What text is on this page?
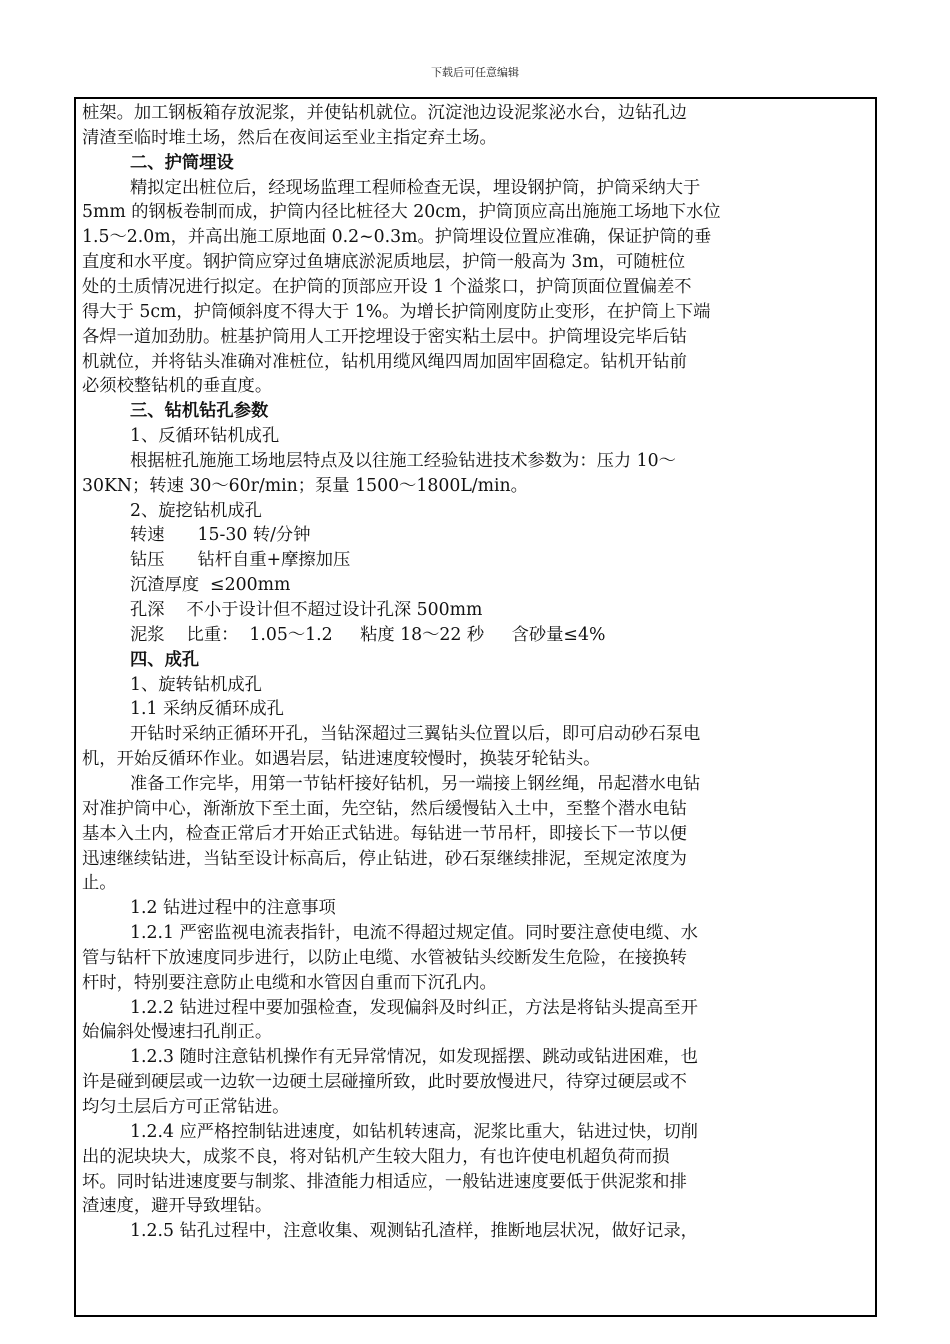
下载后可任意编辑
桩架。加工钢板箱存放泥浆，并使钻机就位。沉淀池边设泥浆泌水台，边钻孔边
清渣至临时堆土场，然后在夜间运至业主指定弃土场。
二、护筒埋设
精拟定出桩位后，经现场监理工程师检查无误，埋设钢护筒，护筒采纳大于
5mm 的钢板卷制而成，护筒内径比桩径大 20cm，护筒顶应高出施施工场地下水位
1.5～2.0m，并高出施工原地面 0.2~0.3m。护筒埋设位置应准确，保证护筒的垂
直度和水平度。钢护筒应穿过鱼塘底淤泥质地层，护筒一般高为 3m，可随桩位
处的土质情况进行拟定。在护筒的顶部应开设 1 个溢浆口，护筒顶面位置偏差不
得大于 5cm，护筒倾斜度不得大于 1%。为增长护筒刚度防止变形，在护筒上下端
各焊一道加劲肋。桩基护筒用人工开挖埋设于密实粘土层中。护筒埋设完毕后钻
机就位，并将钻头准确对准桩位，钻机用缆风绳四周加固牢固稳定。钻机开钻前
必须校整钻机的垂直度。
三、钻机钻孔参数
1、反循环钻机成孔
根据桩孔施施工场地层特点及以往施工经验钻进技术参数为：压力 10～
30KN；转速 30～60r/min；泵量 1500～1800L/min。
2、旋挖钻机成孔
转速      15-30 转/分钟
钻压      钻杆自重+摩擦加压
沉渣厚度  ≤200mm
孔深    不小于设计但不超过设计孔深 500mm
泥浆    比重：  1.05～1.2     粘度 18～22 秒     含砂量≤4%
四、成孔
1、旋转钻机成孔
1.1 采纳反循环成孔
开钻时采纳正循环开孔，当钻深超过三翼钻头位置以后，即可启动砂石泵电
机，开始反循环作业。如遇岩层，钻进速度较慢时，换装牙轮钻头。
准备工作完毕，用第一节钻杆接好钻机，另一端接上钢丝绳，吊起潜水电钻
对准护筒中心，渐渐放下至土面，先空钻，然后缓慢钻入土中，至整个潜水电钻
基本入土内，检查正常后才开始正式钻进。每钻进一节吊杆，即接长下一节以便
迅速继续钻进，当钻至设计标高后，停止钻进，砂石泵继续排泥，至规定浓度为
止。
1.2 钻进过程中的注意事项
1.2.1 严密监视电流表指针，电流不得超过规定值。同时要注意使电缆、水
管与钻杆下放速度同步进行，以防止电缆、水管被钻头绞断发生危险，在接换转
杆时，特别要注意防止电缆和水管因自重而下沉孔内。
1.2.2 钻进过程中要加强检查，发现偏斜及时纠正，方法是将钻头提高至开
始偏斜处慢速扫孔削正。
1.2.3 随时注意钻机操作有无异常情况，如发现摇摆、跳动或钻进困难，也
许是碰到硬层或一边软一边硬土层碰撞所致，此时要放慢进尺，待穿过硬层或不
均匀土层后方可正常钻进。
1.2.4 应严格控制钻进速度，如钻机转速高，泥浆比重大，钻进过快，切削
出的泥块块大，成浆不良，将对钻机产生较大阻力，有也许使电机超负荷而损
坏。同时钻进速度要与制浆、排渣能力相适应，一般钻进速度要低于供泥浆和排
渣速度，避开导致埋钻。
1.2.5 钻孔过程中，注意收集、观测钻孔渣样，推断地层状况，做好记录，
